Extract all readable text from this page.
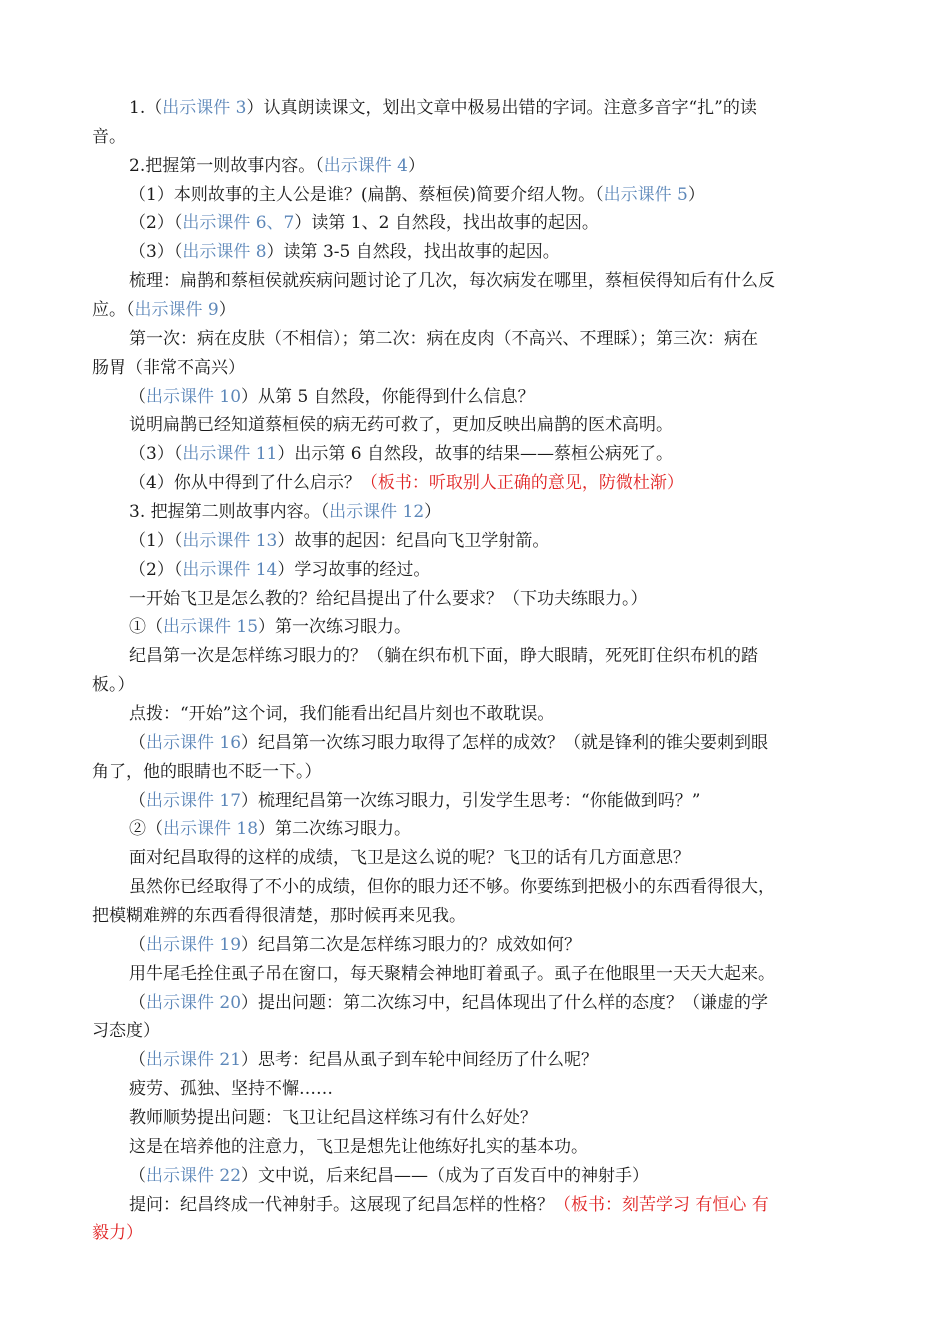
1.（出示课件 3）认真朗读课文，划出文章中极易出错的字词。注意多音字“扎”的读
音。
2.把握第一则故事内容。（出示课件 4）
（1）本则故事的主人公是谁？(扁鹊、蔡桓侯)简要介绍人物。（出示课件 5）
（2）（出示课件 6、7）读第 1、2 自然段，找出故事的起因。
（3）（出示课件 8）读第 3-5 自然段，找出故事的起因。
梳理：扁鹊和蔡桓侯就疾病问题讨论了几次，每次病发在哪里，蔡桓侯得知后有什么反
应。（出示课件 9）
第一次：病在皮肤（不相信）；第二次：病在皮肉（不高兴、不理睬）；第三次：病在
肠胃（非常不高兴）
（出示课件 10）从第 5 自然段，你能得到什么信息？
说明扁鹊已经知道蔡桓侯的病无药可救了，更加反映出扁鹊的医术高明。
（3）（出示课件 11）出示第 6 自然段，故事的结果——蔡桓公病死了。
（4）你从中得到了什么启示？（板书：听取别人正确的意见，防微杜渐）
3. 把握第二则故事内容。（出示课件 12）
（1）（出示课件 13）故事的起因：纪昌向飞卫学射箭。
（2）（出示课件 14）学习故事的经过。
一开始飞卫是怎么教的？给纪昌提出了什么要求？（下功夫练眼力。）
①（出示课件 15）第一次练习眼力。
纪昌第一次是怎样练习眼力的？（躺在织布机下面，睁大眼睛，死死盯住织布机的踏
板。）
点拨：“开始”这个词，我们能看出纪昌片刻也不敢耽误。
（出示课件 16）纪昌第一次练习眼力取得了怎样的成效？（就是锋利的锥尖要刺到眼
角了，他的眼睛也不眨一下。）
（出示课件 17）梳理纪昌第一次练习眼力，引发学生思考：“你能做到吗？”
②（出示课件 18）第二次练习眼力。
面对纪昌取得的这样的成绩，飞卫是这么说的呢？飞卫的话有几方面意思？
虽然你已经取得了不小的成绩，但你的眼力还不够。你要练到把极小的东西看得很大，
把模糊难辨的东西看得很清楚，那时候再来见我。
（出示课件 19）纪昌第二次是怎样练习眼力的？成效如何？
用牛尾毛拴住虱子吊在窗口，每天聚精会神地盯着虱子。虱子在他眼里一天天大起来。
（出示课件 20）提出问题：第二次练习中，纪昌体现出了什么样的态度？（谦虚的学
习态度）
（出示课件 21）思考：纪昌从虱子到车轮中间经历了什么呢？
疲劳、孤独、坚持不懈……
教师顺势提出问题：飞卫让纪昌这样练习有什么好处？
这是在培养他的注意力，飞卫是想先让他练好扎实的基本功。
（出示课件 22）文中说，后来纪昌——（成为了百发百中的神射手）
提问：纪昌终成一代神射手。这展现了纪昌怎样的性格？（板书：刻苦学习 有恒心 有
毅力）
